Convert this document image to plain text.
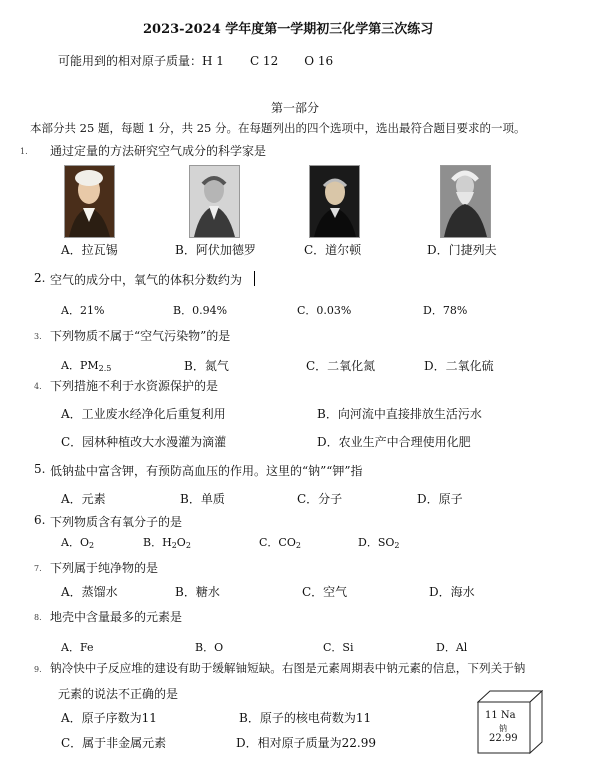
2023-2024 学年度第一学期初三化学第三次练习
可能用到的相对原子质量：H 1 C 12 O 16
第一部分
本部分共 25 题，每题 1 分，共 25 分。在每题列出的四个选项中，选出最符合题目要求的一项。
1. 通过定量的方法研究空气成分的科学家是
A．拉瓦锡	B．阿伏加德罗	C．道尔顿	D．门捷列夫
2. 空气的成分中，氧气的体积分数约为
A．21%	B．0.94%	C．0.03%	D．78%
3. 下列物质不属于“空气污染物”的是
A．$PM_{2.5}$	B．氮气	C．二氧化氮	D．二氧化硫
4. 下列措施不利于水资源保护的是
A．工业废水经净化后重复利用	B．向河流中直接排放生活污水
C．园林种植改大水漫灌为滴灌	D．农业生产中合理使用化肥
5. 低钠盐中富含钾，有预防高血压的作用。这里的“钠”“钾”指
A．元素	B．单质	C．分子	D．原子
6. 下列物质含有氧分子的是
A．$O_2$	B．$H_2O_2$	C．$CO_2$	D．$SO_2$
7. 下列属于纯净物的是
A．蒸馏水	B．糖水	C．空气	D．海水
8. 地壳中含量最多的元素是
A．Fe	B．O	C．Si	D．Al
9. 钠冷快中子反应堆的建设有助于缓解铀短缺。右图是元素周期表中钠元素的信息，下列关于钠
元素的说法不正确的是
A．原子序数为11	B．原子的核电荷数为11
C．属于非金属元素	D．相对原子质量为22.99
11 Na
钠
22.99
